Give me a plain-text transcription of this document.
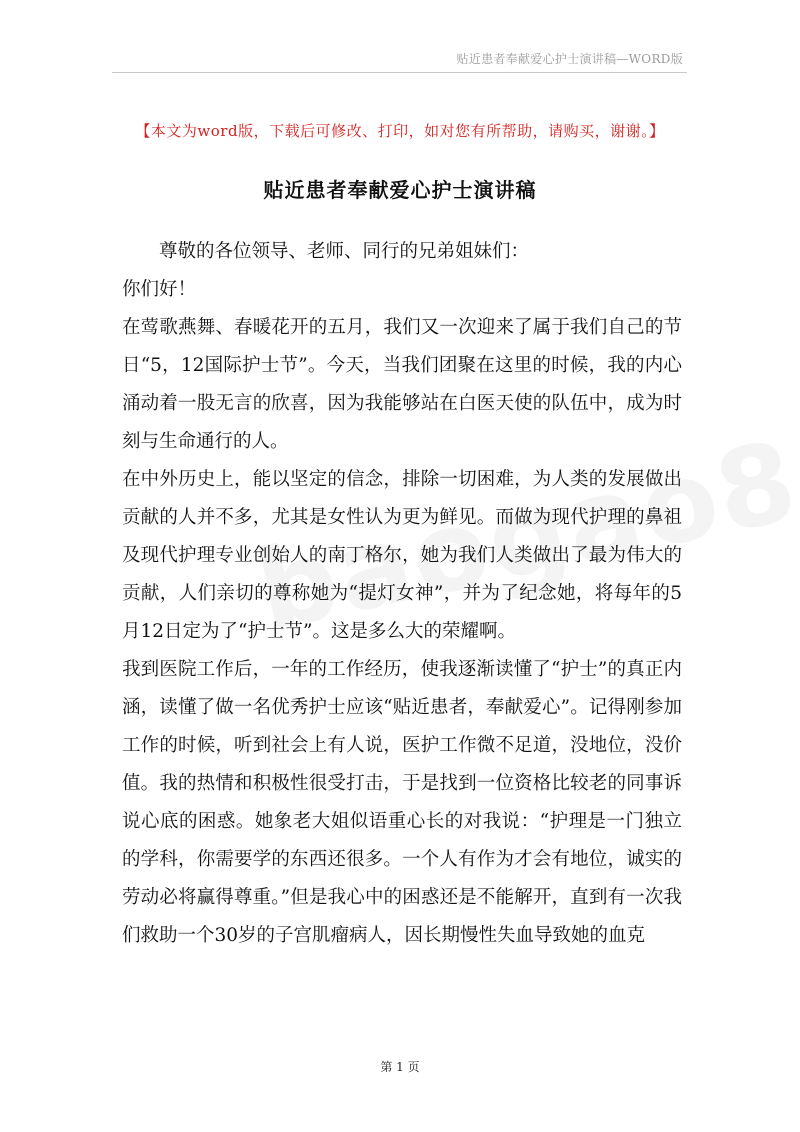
贴近患者奉献爱心护士演讲稿—WORD版
【本文为word版，下载后可修改、打印，如对您有所帮助，请购买，谢谢。】
贴近患者奉献爱心护士演讲稿

尊敬的各位领导、老师、同行的兄弟姐妹们：

你们好！

在莺歌燕舞、春暖花开的五月，我们又一次迎来了属于我们自己的节日“5，12国际护士节”。今天，当我们团聚在这里的时候，我的内心涌动着一股无言的欣喜，因为我能够站在白医天使的队伍中，成为时刻与生命通行的人。

在中外历史上，能以坚定的信念，排除一切困难，为人类的发展做出贡献的人并不多，尤其是女性认为更为鲜见。而做为现代护理的鼻祖及现代护理专业创始人的南丁格尔，她为我们人类做出了最为伟大的贡献，人们亲切的尊称她为“提灯女神”，并为了纪念她，将每年的5月12日定为了“护士节”。这是多么大的荣耀啊。

我到医院工作后，一年的工作经历，使我逐渐读懂了“护士”的真正内涵，读懂了做一名优秀护士应该“贴近患者，奉献爱心”。记得刚参加工作的时候，听到社会上有人说，医护工作微不足道，没地位，没价值。我的热情和积极性很受打击，于是找到一位资格比较老的同事诉说心底的困惑。她象老大姐似语重心长的对我说：“护理是一门独立的学科，你需要学的东西还很多。一个人有作为才会有地位，诚实的劳动必将赢得尊重。”但是我心中的困惑还是不能解开，直到有一次我们救助一个30岁的子宫肌瘤病人，因长期慢性失血导致她的血克

第 1 页
